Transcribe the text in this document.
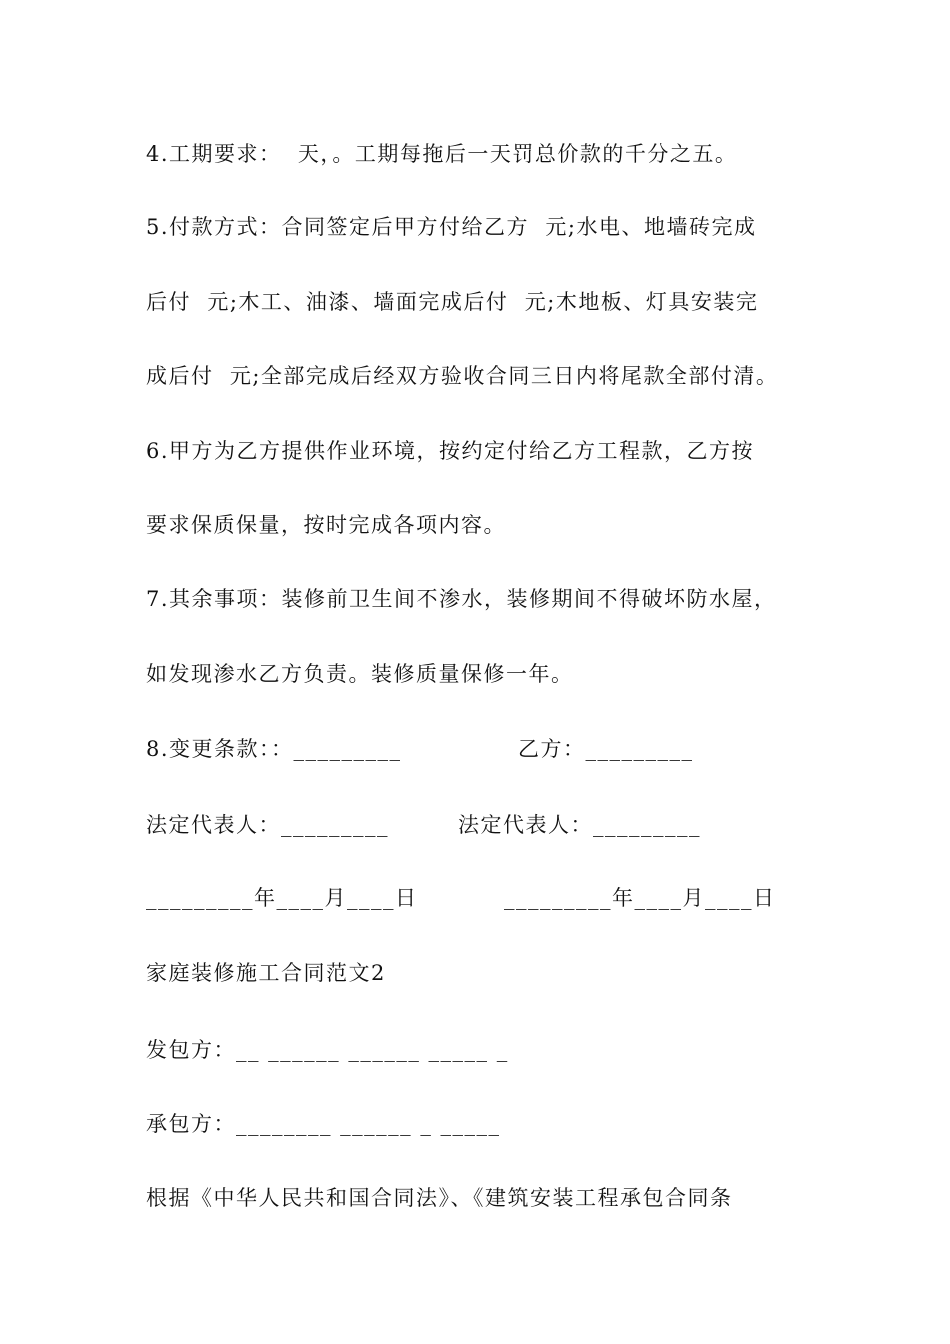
4.工期要求：  天，。工期每拖后一天罚总价款的千分之五。
5.付款方式：合同签定后甲方付给乙方  元;水电、地墙砖完成
后付  元;木工、油漆、墙面完成后付  元;木地板、灯具安装完
成后付  元;全部完成后经双方验收合同三日内将尾款全部付清。
6.甲方为乙方提供作业环境，按约定付给乙方工程款，乙方按
要求保质保量，按时完成各项内容。
7.其余事项：装修前卫生间不渗水，装修期间不得破坏防水屋，
如发现渗水乙方负责。装修质量保修一年。
8.变更条款：：_________	乙方：_________
法定代表人：_________	法定代表人：_________
_________年____月____日	_________年____月____日
家庭装修施工合同范文2
发包方：__ ______ ______ _____ _
承包方：________ ______ _ _____
根据《中华人民共和国合同法》、《建筑安装工程承包合同条
